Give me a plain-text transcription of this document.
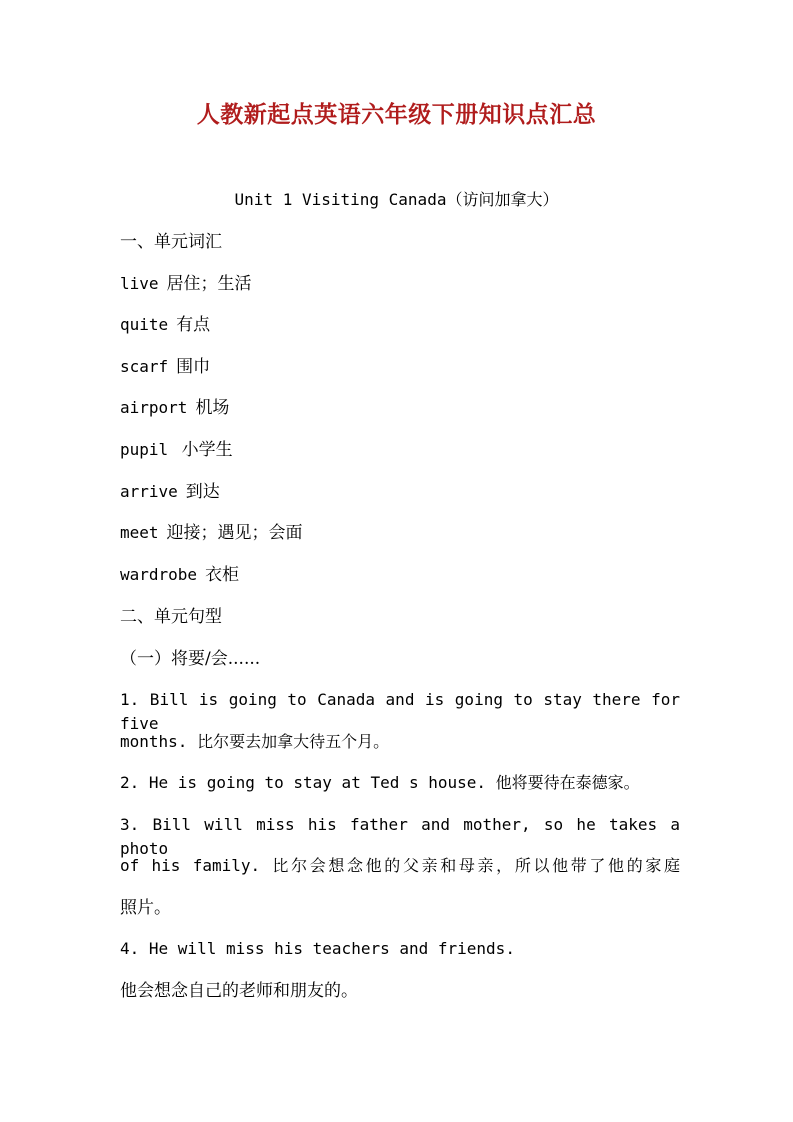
人教新起点英语六年级下册知识点汇总
Unit 1 Visiting Canada（访问加拿大）
一、单元词汇
live 居住；生活
quite 有点
scarf 围巾
airport 机场
pupil 小学生
arrive 到达
meet 迎接；遇见；会面
wardrobe 衣柜
二、单元句型
（一）将要/会......
1. Bill is going to Canada and is going to stay there for five
months. 比尔要去加拿大待五个月。
2. He is going to stay at Ted s house. 他将要待在泰德家。
3. Bill will miss his father and mother, so he takes a photo
of his family. 比尔会想念他的父亲和母亲，所以他带了他的家庭
照片。
4. He will miss his teachers and friends.
他会想念自己的老师和朋友的。
